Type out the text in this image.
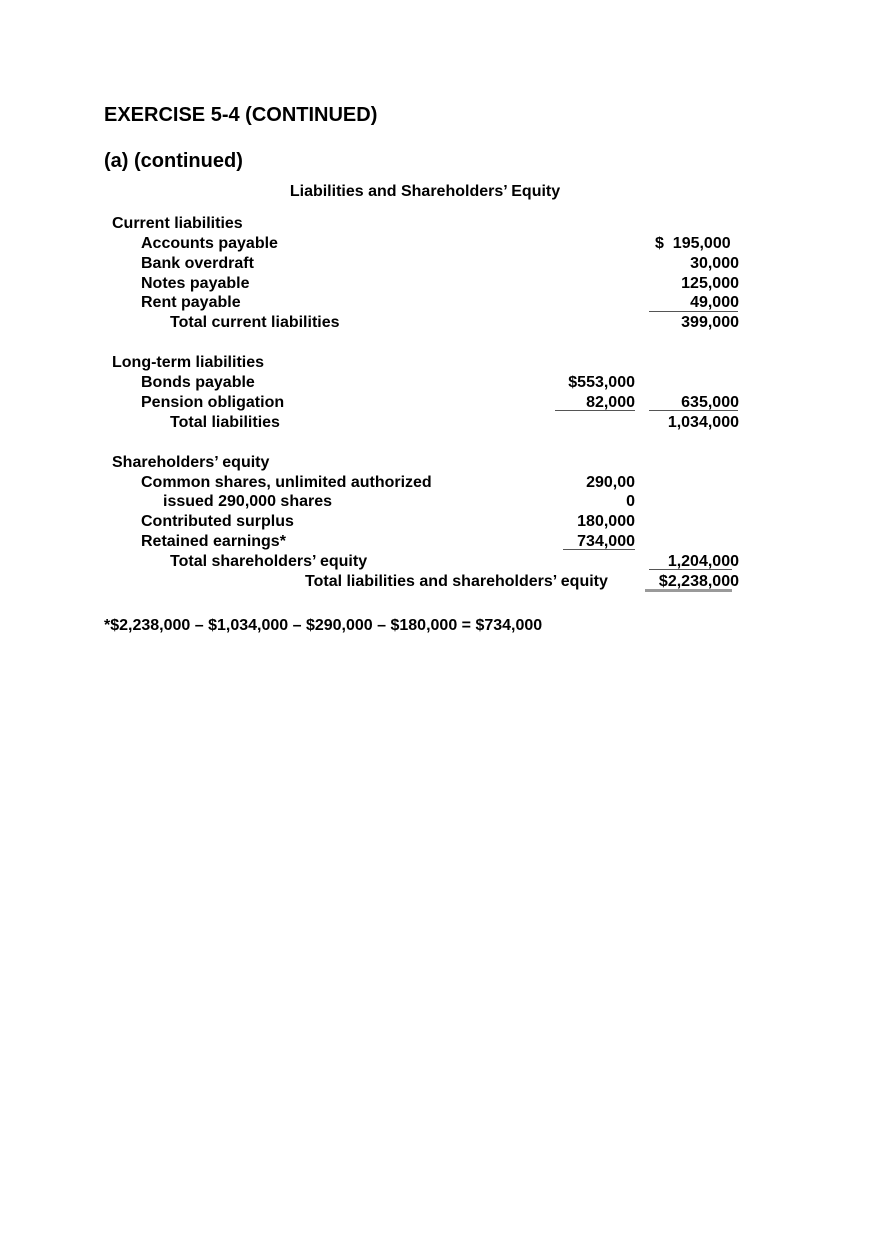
EXERCISE 5-4 (CONTINUED)
(a) (continued)
Liabilities and Shareholders’ Equity
Current liabilities
Accounts payable	$  195,000
Bank overdraft	30,000
Notes payable	125,000
Rent payable	49,000
Total current liabilities	399,000
Long-term liabilities
Bonds payable	$553,000
Pension obligation	82,000	635,000
Total liabilities	1,034,000
Shareholders’ equity
Common shares, unlimited authorized	290,00
issued 290,000 shares	0
Contributed surplus	180,000
Retained earnings*	734,000
Total shareholders’ equity	1,204,000
Total liabilities and shareholders’ equity	$2,238,000
*$2,238,000 – $1,034,000 – $290,000 – $180,000 = $734,000
